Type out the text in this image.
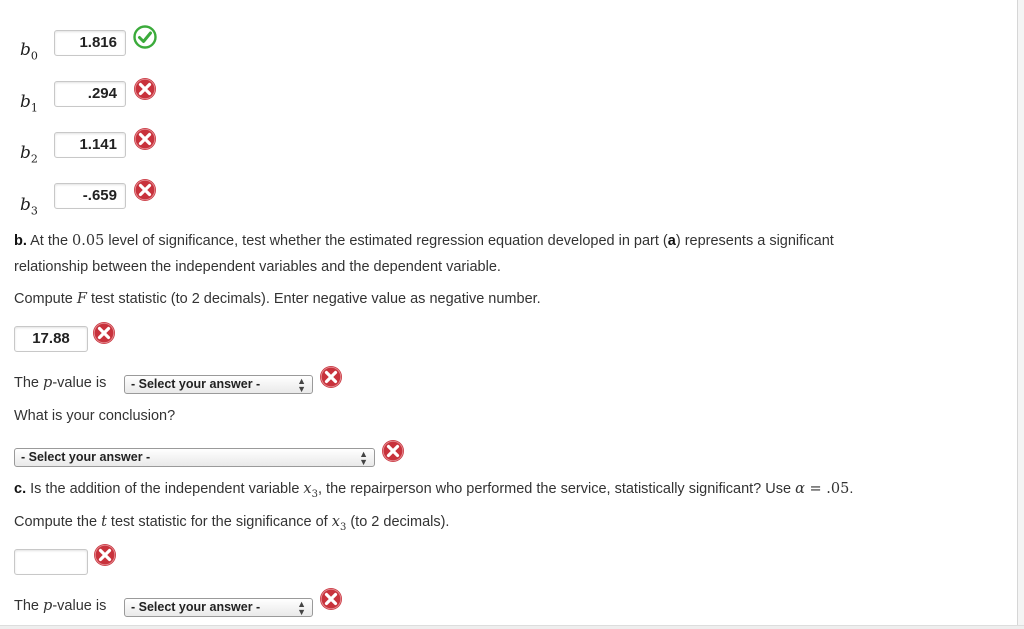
$b_0$
1.816
$b_1$
.294
$b_2$
1.141
$b_3$
-.659
b. At the 0.05 level of significance, test whether the estimated regression equation developed in part (a) represents a significant
relationship between the independent variables and the dependent variable.
Compute F test statistic (to 2 decimals). Enter negative value as negative number.
17.88
The p-value is	- Select your answer -	▲
▼
What is your conclusion?
- Select your answer -	▲
▼
c. Is the addition of the independent variable $x_3$, the repairperson who performed the service, statistically significant? Use α = .05.
Compute the t test statistic for the significance of $x_3$ (to 2 decimals).
The p-value is	- Select your answer -	▲
▼
